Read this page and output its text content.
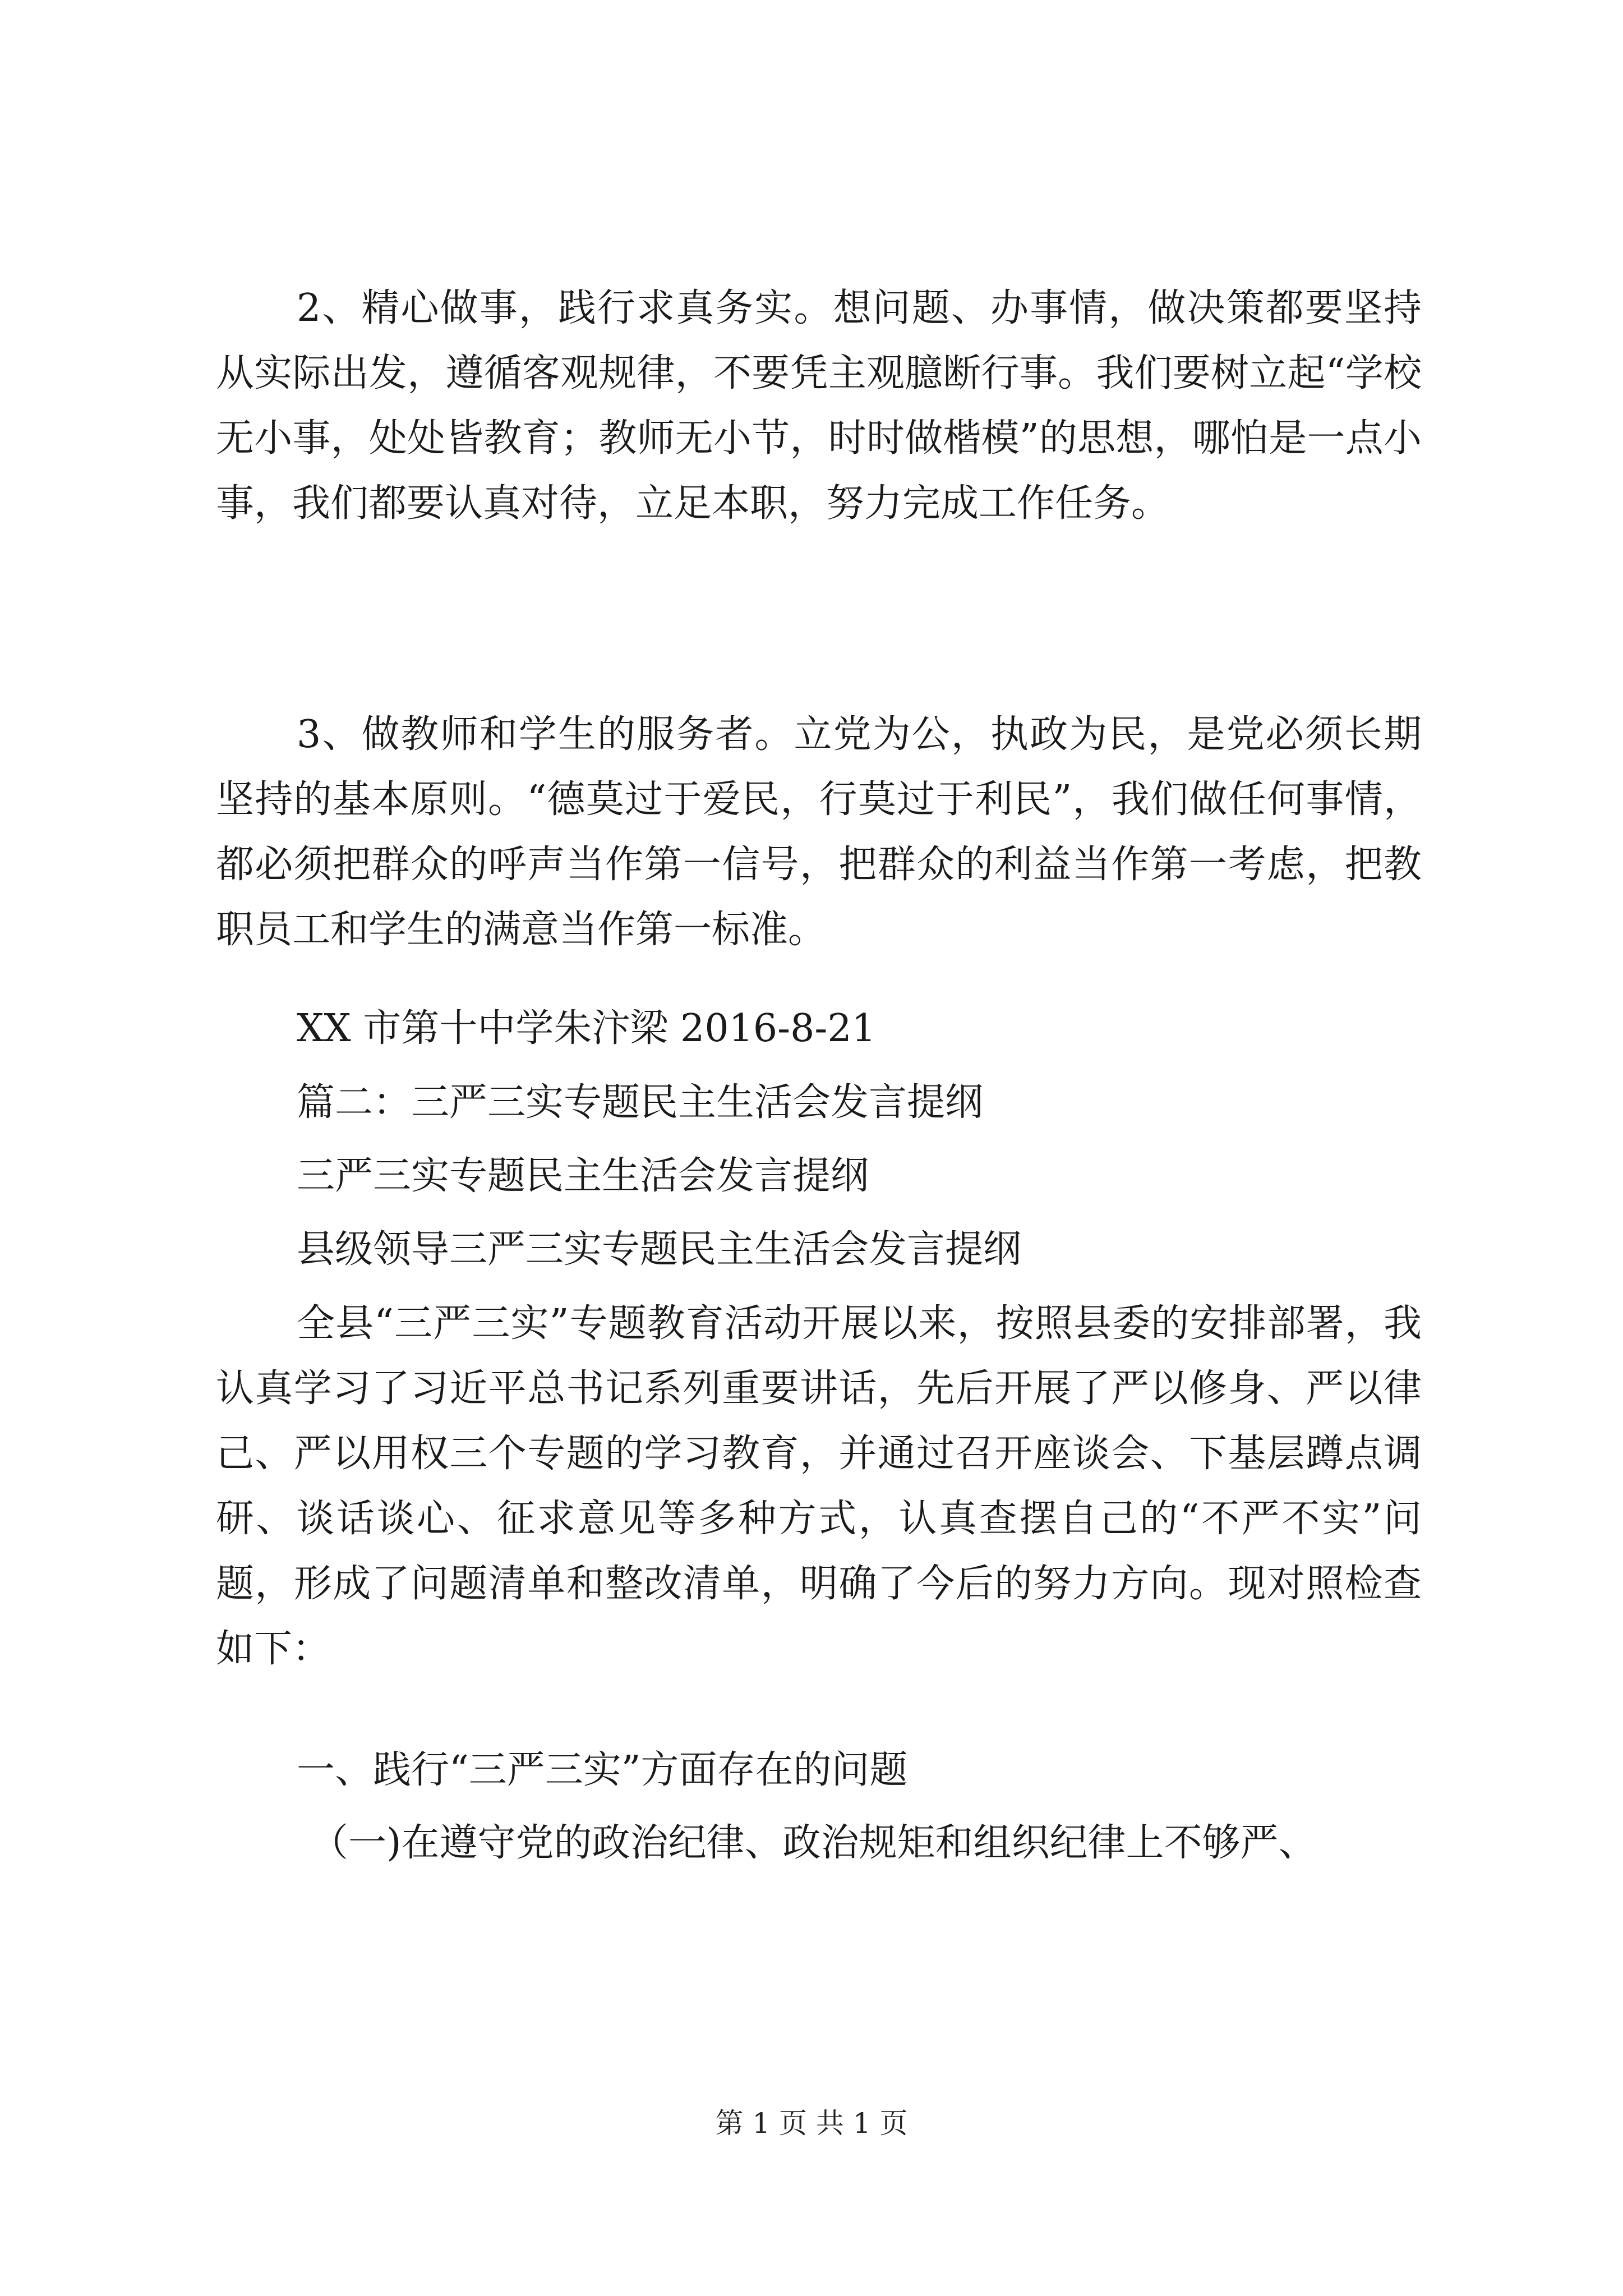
2、精心做事，践行求真务实。想问题、办事情，做决策都要坚持从实际出发，遵循客观规律，不要凭主观臆断行事。我们要树立起“学校无小事，处处皆教育；教师无小节，时时做楷模”的思想，哪怕是一点小事，我们都要认真对待，立足本职，努力完成工作任务。

3、做教师和学生的服务者。立党为公，执政为民，是党必须长期坚持的基本原则。“德莫过于爱民，行莫过于利民”，我们做任何事情，都必须把群众的呼声当作第一信号，把群众的利益当作第一考虑，把教职员工和学生的满意当作第一标准。

XX 市第十中学朱汴梁 2016-8-21

篇二：三严三实专题民主生活会发言提纲

三严三实专题民主生活会发言提纲

县级领导三严三实专题民主生活会发言提纲

全县“三严三实”专题教育活动开展以来，按照县委的安排部署，我认真学习了习近平总书记系列重要讲话，先后开展了严以修身、严以律己、严以用权三个专题的学习教育，并通过召开座谈会、下基层蹲点调研、谈话谈心、征求意见等多种方式，认真查摆自己的“不严不实”问题，形成了问题清单和整改清单，明确了今后的努力方向。现对照检查如下：

一、践行“三严三实”方面存在的问题

（一)在遵守党的政治纪律、政治规矩和组织纪律上不够严、

第 1 页 共 1 页
